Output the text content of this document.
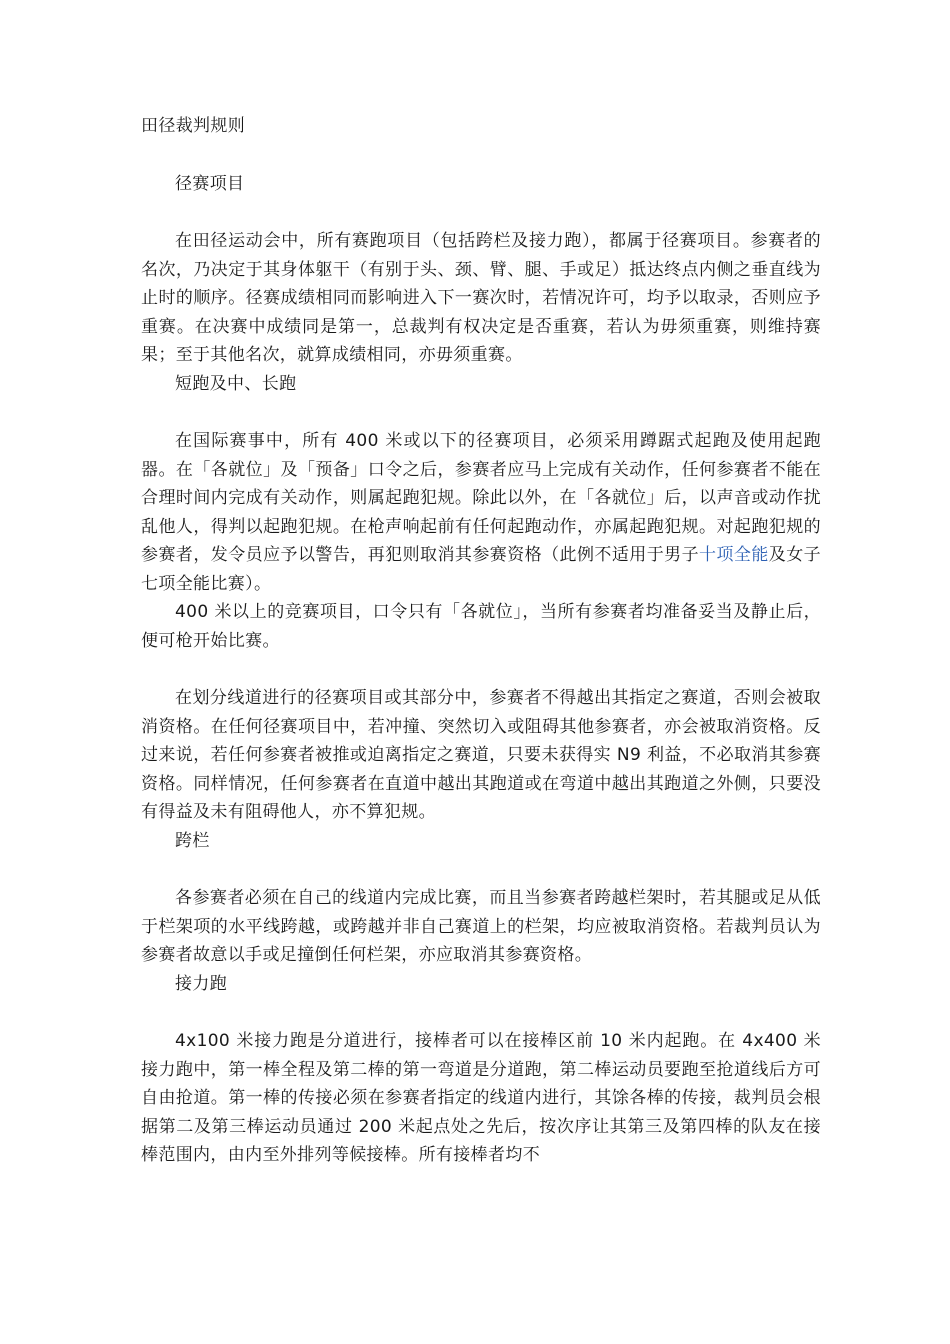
田径裁判规则
径赛项目

在田径运动会中，所有赛跑项目（包括跨栏及接力跑），都属于径赛项目。参赛者的名次，乃决定于其身体躯干（有别于头、颈、臂、腿、手或足）抵达终点内侧之垂直线为止时的顺序。径赛成绩相同而影响进入下一赛次时，若情况许可，均予以取录，否则应予重赛。在决赛中成绩同是第一，总裁判有权决定是否重赛，若认为毋须重赛，则维持赛果；至于其他名次，就算成绩相同，亦毋须重赛。

短跑及中、长跑

在国际赛事中，所有 400 米或以下的径赛项目，必须采用蹲踞式起跑及使用起跑器。在「各就位」及「预备」口令之后，参赛者应马上完成有关动作，任何参赛者不能在合理时间内完成有关动作，则属起跑犯规。除此以外，在「各就位」后，以声音或动作扰乱他人，得判以起跑犯规。在枪声响起前有任何起跑动作，亦属起跑犯规。对起跑犯规的参赛者，发令员应予以警告，再犯则取消其参赛资格（此例不适用于男子十项全能及女子七项全能比赛）。

400 米以上的竞赛项目，口令只有「各就位」，当所有参赛者均准备妥当及静止后，便可枪开始比赛。

在划分线道进行的径赛项目或其部分中，参赛者不得越出其指定之赛道，否则会被取消资格。在任何径赛项目中，若冲撞、突然切入或阻碍其他参赛者，亦会被取消资格。反过来说，若任何参赛者被推或迫离指定之赛道，只要未获得实 N9 利益，不必取消其参赛资格。同样情况，任何参赛者在直道中越出其跑道或在弯道中越出其跑道之外侧，只要没有得益及未有阻碍他人，亦不算犯规。

跨栏

各参赛者必须在自己的线道内完成比赛，而且当参赛者跨越栏架时，若其腿或足从低于栏架项的水平线跨越，或跨越并非自己赛道上的栏架，均应被取消资格。若裁判员认为参赛者故意以手或足撞倒任何栏架，亦应取消其参赛资格。

接力跑

4x100 米接力跑是分道进行，接棒者可以在接棒区前 10 米内起跑。在 4x400 米接力跑中，第一棒全程及第二棒的第一弯道是分道跑，第二棒运动员要跑至抢道线后方可自由抢道。第一棒的传接必须在参赛者指定的线道内进行，其馀各棒的传接，裁判员会根据第二及第三棒运动员通过 200 米起点处之先后，按次序让其第三及第四棒的队友在接棒范围内，由内至外排列等候接棒。所有接棒者均不
